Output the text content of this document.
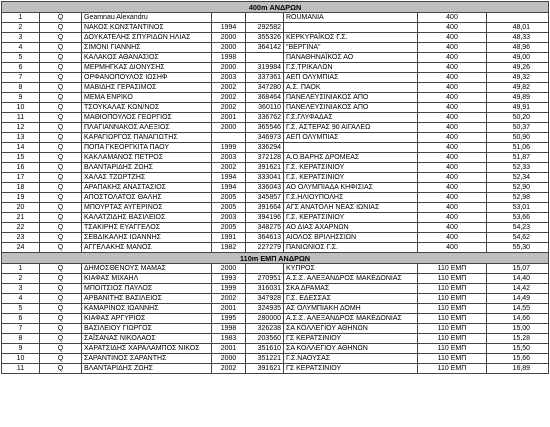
400m ΑΝΔΡΩΝ							
1	Q	Geamnau Alexandru			ROUMANIA	400	
2	Q	ΝΑΚΟΣ ΚΩΝΣΤΑΝΤΙΝΟΣ	1994	292582		400	48,01
3	Q	ΔΟΥΚΑΤΕΛΗΣ ΣΠΥΡΙΔΩΝ ΗΛΙΑΣ	2000	355326	ΚΕΡΚΥΡΑΪΚΟΣ Γ.Σ.	400	48,33
4	Q	ΣΙΜΟΝΙ ΓΙΑΝΝΗΣ	2000	364142	"ΒΕΡΓΙΝΑ"	400	48,96
5	Q	ΚΑΛΑΚΟΣ ΑΘΑΝΑΣΙΟΣ	1998		ΠΑΝΑΘΗΝΑΪΚΟΣ ΑΟ	400	49,00
6	Q	ΜΕΡΜΗΓΚΑΣ ΔΙΟΝΥΣΗΣ	2000	319984	Γ.Σ.ΤΡΙΚΑΛΩΝ	400	49,26
7	Q	ΟΡΦΑΝΟΠΟΥΛΟΣ ΙΩΣΗΦ	2003	337361	ΑΕΠ ΟΛΥΜΠΙΑΣ	400	49,32
8	Q	ΜΑΒΙΔΗΣ ΓΕΡΑΣΙΜΟΣ	2002	347280	Α.Σ. ΠΑΟΚ	400	49,82
9	Q	ΜΕΜΑ ΕΝΡΙΚΟ	2002	368464	ΠΑΝΕΛΕΥΣΙΝΙΑΚΟΣ ΑΠΟ	400	49,89
10	Q	ΤΣΟΥΚΑΛΑΣ ΚΩΝ/ΝΟΣ	2002	360110	ΠΑΝΕΛΕΥΣΙΝΙΑΚΟΣ ΑΠΟ	400	49,91
11	Q	ΜΑΘΙΟΠΟΥΛΟΣ ΓΕΩΡΓΙΟΣ	2001	336762	Γ.Σ.ΓΛΥΦΑΔΑΣ	400	50,20
12	Q	ΠΛΑΓΙΑΝΝΑΚΟΣ ΑΛΕΞΙΟΣ	2000	365546	Γ.Σ. ΑΣΤΕΡΑΣ 90 ΑΙΓΑΛΕΩ	400	50,37
13	Q	ΚΑΡΑΓΙΩΡΓΟΣ ΠΑΝΑΓΙΩΤΗΣ		346973	ΑΕΠ ΟΛΥΜΠΙΑΣ	400	50,90
14	Q	ΠΟΠΑ ΓΚΕΟΡΓΚΙΤΑ ΠΑΟΥ	1999	336294		400	51,06
15	Q	ΚΑΚΛΑΜΑΝΟΣ ΠΕΤΡΟΣ	2003	372128	Α.Ο.ΒΑΡΗΣ ΔΡΟΜΕΑΣ	400	51,87
16	Q	ΒΛΑΝΤΑΡΙΔΗΣ ΖΩΗΣ	2002	391621	Γ.Σ. ΚΕΡΑΤΣΙΝΙΟΥ	400	52,33
17	Q	ΧΑΛΑΣ ΤΖΩΡΤΖΗΣ	1994	333041	Γ.Σ. ΚΕΡΑΤΣΙΝΙΟΥ	400	52,34
18	Q	ΑΡΑΠΑΚΗΣ ΑΝΑΣΤΑΣΙΟΣ	1994	336043	ΑΟ ΟΛΥΜΠΙΑΔΑ ΚΗΦΙΣΙΑΣ	400	52,90
19	Q	ΑΠΟΣΤΟΛΑΤΟΣ ΘΑΛΗΣ	2005	345857	Γ.Σ.ΗΛΙΟΥΠΟΛΗΣ	400	52,98
20	Q	ΜΠΟΥΡΤΑΣ ΑΥΓΕΡΙΝΟΣ	2005	391664	ΑΓΣ ΑΝΑΤΟΛΗ ΝΕΑΣ ΙΩΝΙΑΣ	400	53,01
21	Q	ΚΑΛΑΤΖΙΔΗΣ ΒΑΣΙΛΕΙΟΣ	2003	394196	Γ.Σ. ΚΕΡΑΤΣΙΝΙΟΥ	400	53,66
22	Q	ΤΣΑΚΙΡΗΣ ΕΥΑΓΓΕΛΟΣ	2005	348275	ΑΟ ΔΙΑΣ ΑΧΑΡΝΩΝ	400	54,23
23	Q	ΣΕΒΔΙΚΑΛΗΣ ΙΩΑΝΝΗΣ	1991	364613	ΑΙΟΛΟΣ ΒΡΙΛΗΣΣΙΩΝ	400	54,62
24	Q	ΑΓΓΕΛΑΚΗΣ ΜΑΝΟΣ	1982	227279	ΠΑΝΙΩΝΙΟΣ Γ.Σ.	400	55,30
110m ΕΜΠ ΑΝΔΡΩΝ							
1	Q	ΔΗΜΟΣΘΕΝΟΥΣ ΜΑΜΑΣ	2000		ΚΥΠΡΟΣ	110 ΕΜΠ	15,07
2	Q	ΚΙΑΦΑΣ ΜΙΧΑΗΛ	1993	270951	Α.Σ.Σ. ΑΛΕΞΑΝΔΡΟΣ ΜΑΚΕΔΟΝΙΑΣ	110 ΕΜΠ	14,40
3	Q	ΜΠΟΙΤΣΙΟΣ ΠΑΥΛΟΣ	1999	316031	ΣΚΑ ΔΡΑΜΑΣ	110 ΕΜΠ	14,42
4	Q	ΑΡΒΑΝΙΤΗΣ ΒΑΣΙΛΕΙΟΣ	2002	347928	Γ.Σ. ΕΔΕΣΣΑΣ	110 ΕΜΠ	14,49
5	Q	ΚΑΜΑΡΙΝΟΣ ΙΩΑΝΝΗΣ	2001	324935	ΑΣ ΟΛΥΜΠΙΑΚΗ ΔΟΜΗ	110 ΕΜΠ	14,55
6	Q	ΚΙΑΦΑΣ ΑΡΓΥΡΙΟΣ	1995	280000	Α.Σ.Σ. ΑΛΕΞΑΝΔΡΟΣ ΜΑΚΕΔΟΝΙΑΣ	110 ΕΜΠ	14,66
7	Q	ΒΑΣΙΛΕΙΟΥ ΓΙΩΡΓΟΣ	1998	326238	ΣΑ ΚΟΛΛΕΓΙΟΥ ΑΘΗΝΩΝ	110 ΕΜΠ	15,00
8	Q	ΣΑΪΣΑΝΑΣ ΝΙΚΟΛΑΟΣ	1983	203560	ΓΣ ΚΕΡΑΤΣΙΝΙΟΥ	110 ΕΜΠ	15,28
9	Q	ΧΑΡΑΤΣΙΔΗΣ ΧΑΡΑΛΑΜΠΟΣ ΝΙΚΟΣ	2001	351610	ΣΑ ΚΟΛΛΕΓΙΟΥ ΑΘΗΝΩΝ	110 ΕΜΠ	15,50
10	Q	ΣΑΡΑΝΤΙΝΟΣ ΣΑΡΑΝΤΗΣ	2000	351221	Γ.Σ.ΝΑΟΥΣΑΣ	110 ΕΜΠ	15,66
11	Q	ΒΛΑΝΤΑΡΙΔΗΣ ΖΩΗΣ	2002	391621	ΓΣ ΚΕΡΑΤΣΙΝΙΟΥ	110 ΕΜΠ	16,89
